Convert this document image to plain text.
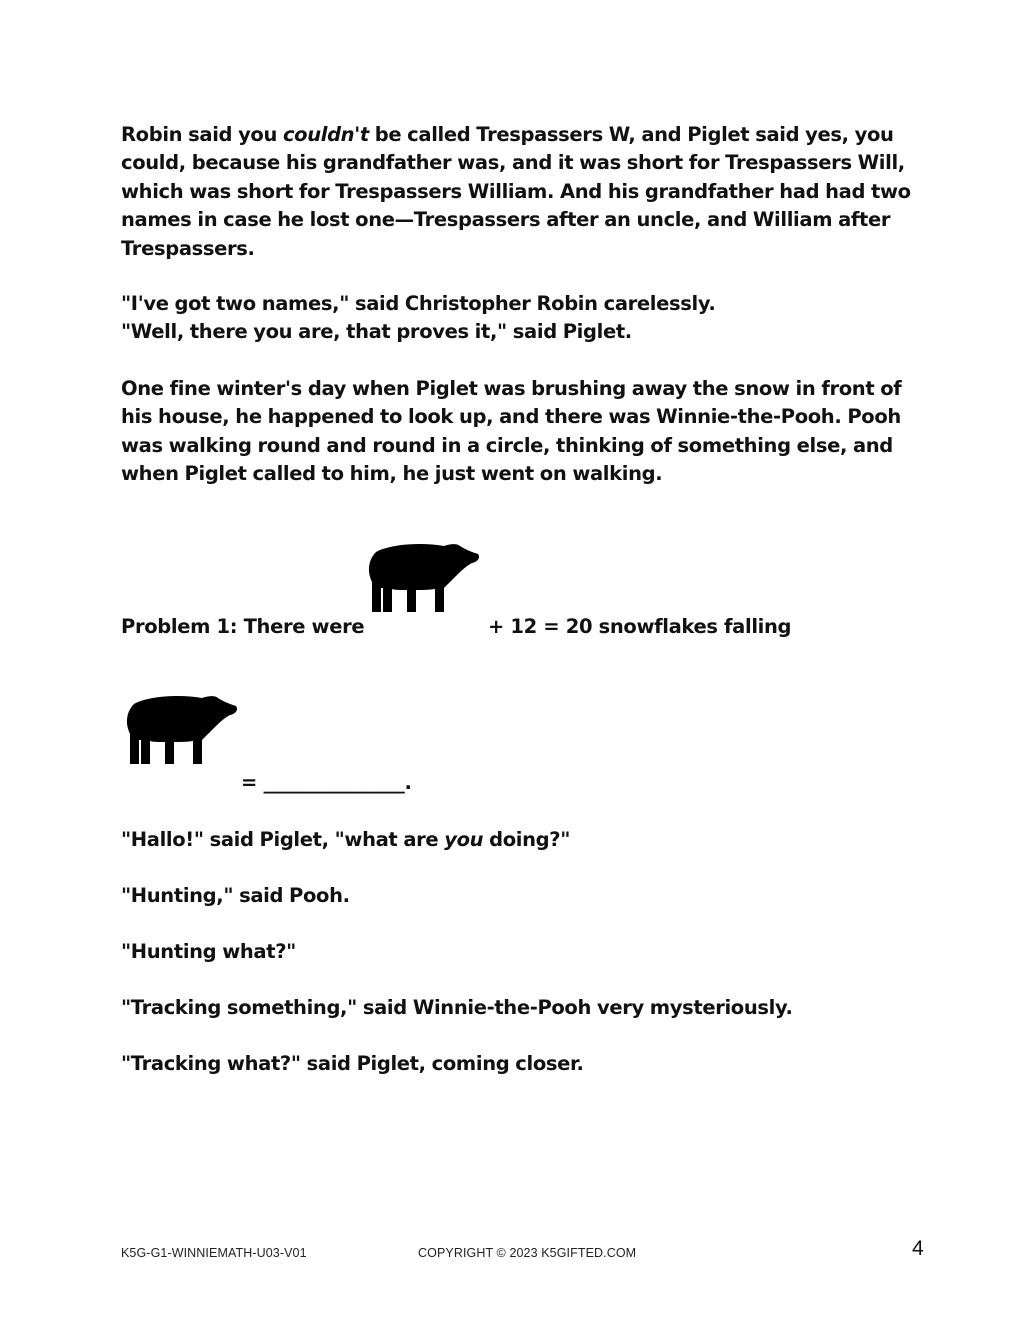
Robin said you couldn't be called Trespassers W, and Piglet said yes, you
could, because his grandfather was, and it was short for Trespassers Will,
which was short for Trespassers William. And his grandfather had had two
names in case he lost one—Trespassers after an uncle, and William after
Trespassers.
"I've got two names," said Christopher Robin carelessly.
"Well, there you are, that proves it," said Piglet.
One fine winter's day when Piglet was brushing away the snow in front of
his house, he happened to look up, and there was Winnie-the-Pooh. Pooh
was walking round and round in a circle, thinking of something else, and
when Piglet called to him, he just went on walking.
Problem 1: There were	+ 12 = 20 snowflakes falling
= _______________.
"Hallo!" said Piglet, "what are you doing?"
"Hunting," said Pooh.
"Hunting what?"
"Tracking something," said Winnie-the-Pooh very mysteriously.
"Tracking what?" said Piglet, coming closer.
K5G-G1-WINNIEMATH-U03-V01	COPYRIGHT © 2023 K5GIFTED.COM	4
